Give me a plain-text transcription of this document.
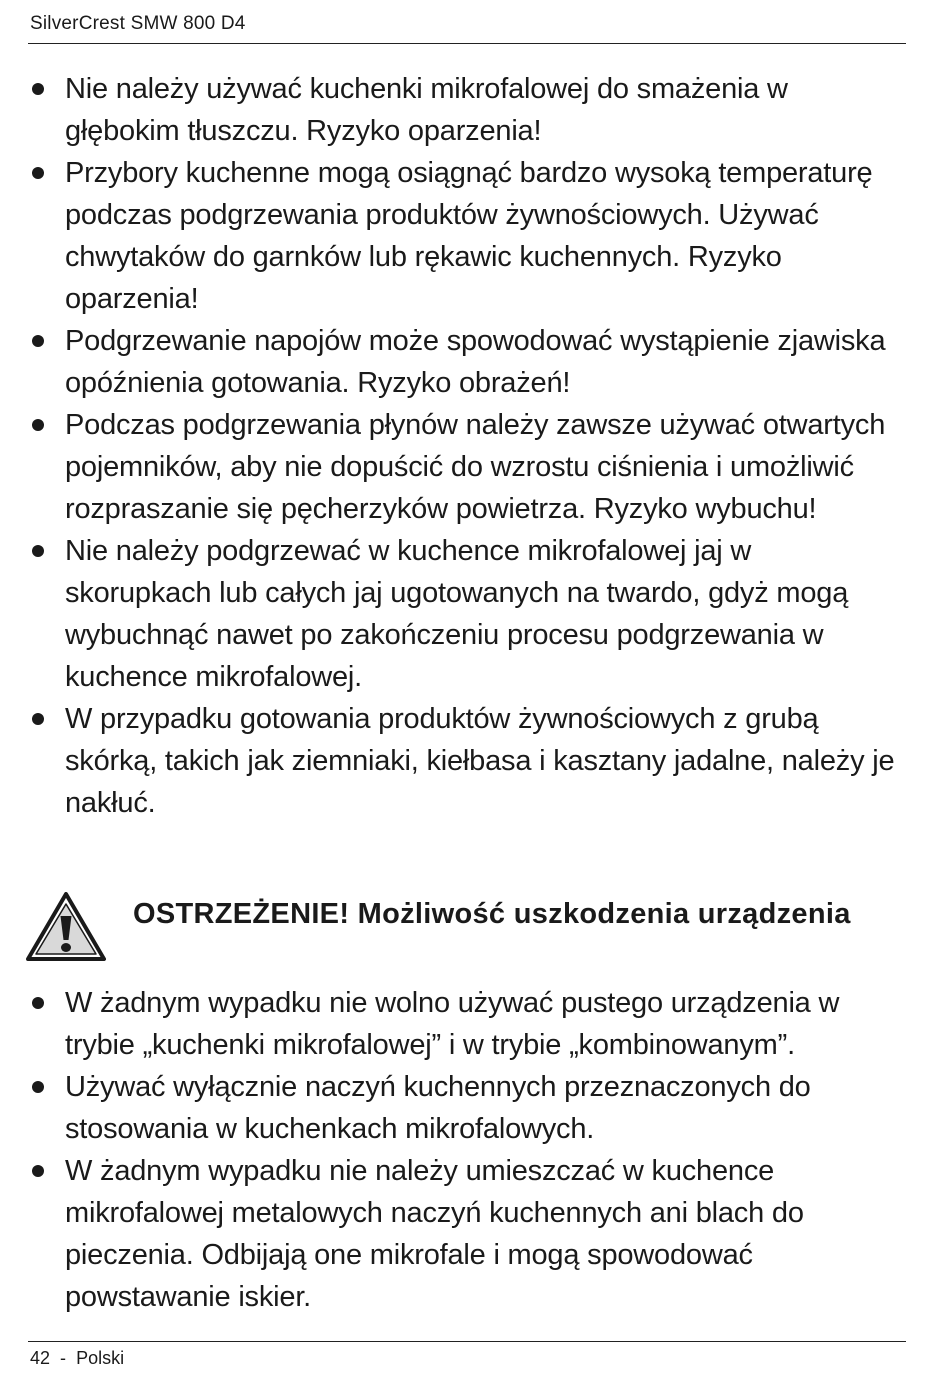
SilverCrest SMW 800 D4
Nie należy używać kuchenki mikrofalowej do smażenia w głębokim tłuszczu. Ryzyko oparzenia!
Przybory kuchenne mogą osiągnąć bardzo wysoką temperaturę podczas podgrzewania produktów żywnościowych. Używać chwytaków do garnków lub rękawic kuchennych. Ryzyko oparzenia!
Podgrzewanie napojów może spowodować wystąpienie zjawiska opóźnienia gotowania. Ryzyko obrażeń!
Podczas podgrzewania płynów należy zawsze używać otwartych pojemników, aby nie dopuścić do wzrostu ciśnienia i umożliwić rozpraszanie się pęcherzyków powietrza. Ryzyko wybuchu!
Nie należy podgrzewać w kuchence mikrofalowej jaj w skorupkach lub całych jaj ugotowanych na twardo, gdyż mogą wybuchnąć nawet po zakończeniu procesu podgrzewania w kuchence mikrofalowej.
W przypadku gotowania produktów żywnościowych z grubą skórką, takich jak ziemniaki, kiełbasa i kasztany jadalne, należy je nakłuć.
OSTRZEŻENIE! Możliwość uszkodzenia urządzenia
W żadnym wypadku nie wolno używać pustego urządzenia w trybie „kuchenki mikrofalowej” i w trybie „kombinowanym”.
Używać wyłącznie naczyń kuchennych przeznaczonych do stosowania w kuchenkach mikrofalowych.
W żadnym wypadku nie należy umieszczać w kuchence mikrofalowej metalowych naczyń kuchennych ani blach do pieczenia. Odbijają one mikrofale i mogą spowodować powstawanie iskier.
42 - Polski
